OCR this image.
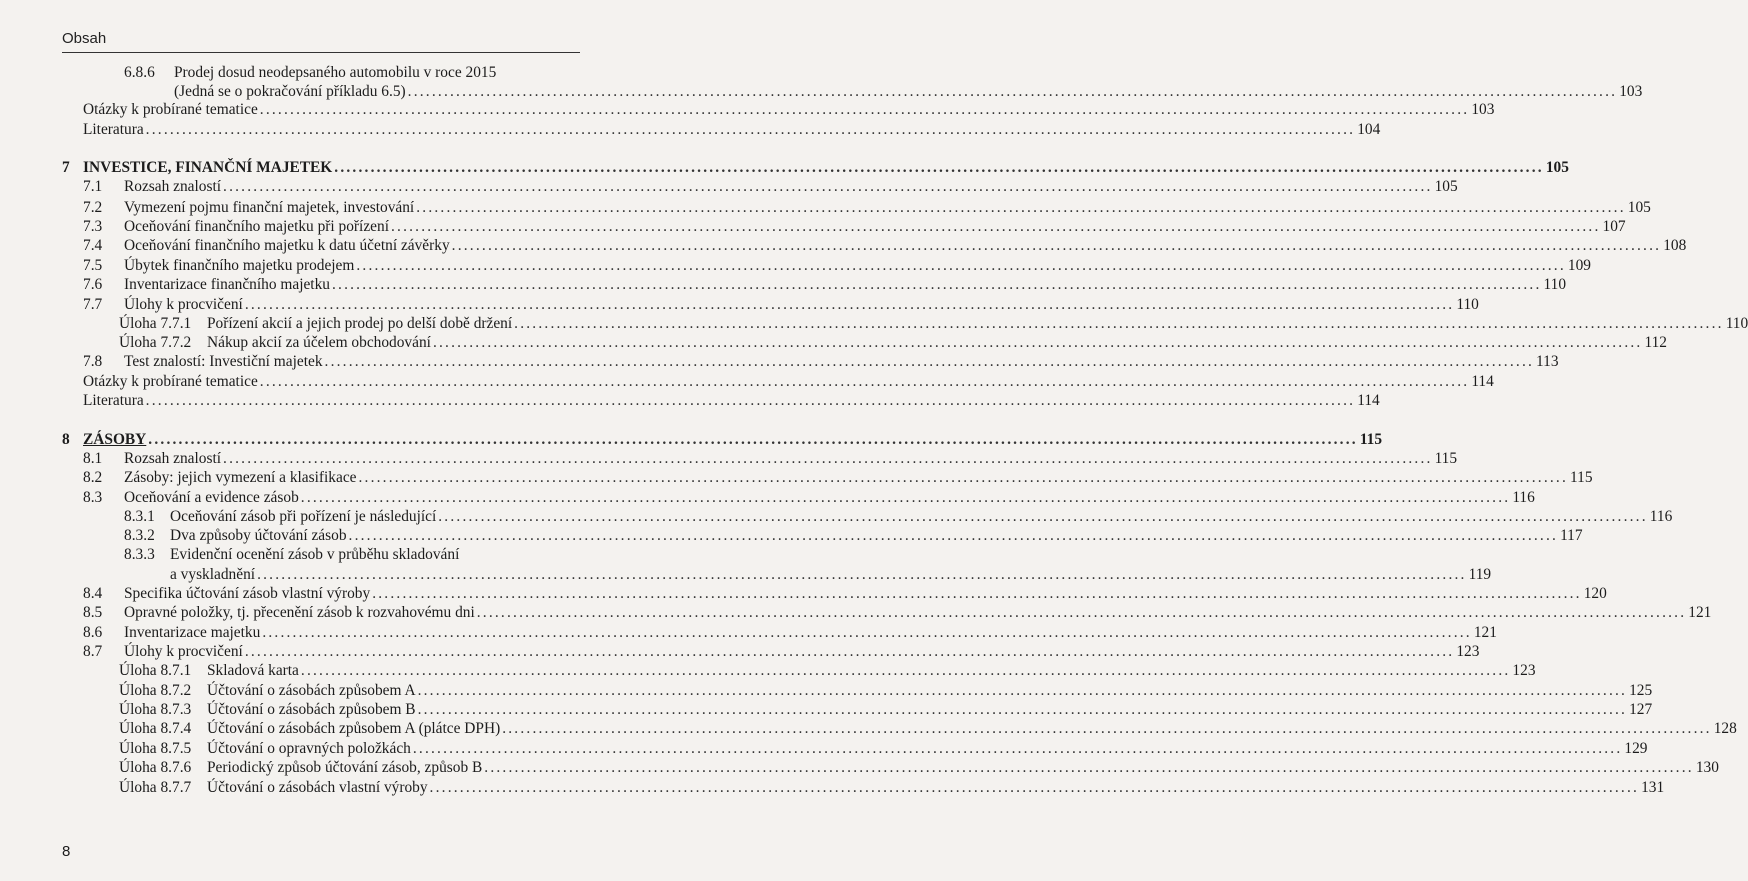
Obsah
6.8.6	Prodej dosud neodepsaného automobilu v roce 2015
(Jedná se o pokračování příkladu 6.5) ........................................................................................................................................................................................................ 103
Otázky k probírané tematice ........................................................................................................................................................................................................ 103
Literatura ........................................................................................................................................................................................................ 104
7 INVESTICE, FINANČNÍ MAJETEK ........................................................................................................................................................................................................ 105
7.1	Rozsah znalostí ........................................................................................................................................................................................................ 105
7.2	Vymezení pojmu finanční majetek, investování ........................................................................................................................................................................................................ 105
7.3	Oceňování finančního majetku při pořízení ........................................................................................................................................................................................................ 107
7.4	Oceňování finančního majetku k datu účetní závěrky ........................................................................................................................................................................................................ 108
7.5	Úbytek finančního majetku prodejem ........................................................................................................................................................................................................ 109
7.6	Inventarizace finančního majetku ........................................................................................................................................................................................................ 110
7.7	Úlohy k procvičení ........................................................................................................................................................................................................ 110
Úloha 7.7.1	Pořízení akcií a jejich prodej po delší době držení ........................................................................................................................................................................................................ 110
Úloha 7.7.2	Nákup akcií za účelem obchodování ........................................................................................................................................................................................................ 112
7.8	Test znalostí: Investiční majetek ........................................................................................................................................................................................................ 113
Otázky k probírané tematice ........................................................................................................................................................................................................ 114
Literatura ........................................................................................................................................................................................................ 114
8 ZÁSOBY ........................................................................................................................................................................................................ 115
8.1	Rozsah znalostí ........................................................................................................................................................................................................ 115
8.2	Zásoby: jejich vymezení a klasifikace ........................................................................................................................................................................................................ 115
8.3	Oceňování a evidence zásob ........................................................................................................................................................................................................ 116
8.3.1 Oceňování zásob při pořízení je následující ........................................................................................................................................................................................................ 116
8.3.2 Dva způsoby účtování zásob ........................................................................................................................................................................................................ 117
8.3.3 Evidenční ocenění zásob v průběhu skladování
a vyskladnění ........................................................................................................................................................................................................ 119
8.4	Specifika účtování zásob vlastní výroby ........................................................................................................................................................................................................ 120
8.5	Opravné položky, tj. přecenění zásob k rozvahovému dni ........................................................................................................................................................................................................ 121
8.6	Inventarizace majetku ........................................................................................................................................................................................................ 121
8.7	Úlohy k procvičení ........................................................................................................................................................................................................ 123
Úloha 8.7.1	Skladová karta ........................................................................................................................................................................................................ 123
Úloha 8.7.2	Účtování o zásobách způsobem A ........................................................................................................................................................................................................ 125
Úloha 8.7.3	Účtování o zásobách způsobem B ........................................................................................................................................................................................................ 127
Úloha 8.7.4	Účtování o zásobách způsobem A (plátce DPH) ........................................................................................................................................................................................................ 128
Úloha 8.7.5	Účtování o opravných položkách ........................................................................................................................................................................................................ 129
Úloha 8.7.6	Periodický způsob účtování zásob, způsob B ........................................................................................................................................................................................................ 130
Úloha 8.7.7	Účtování o zásobách vlastní výroby ........................................................................................................................................................................................................ 131
8
